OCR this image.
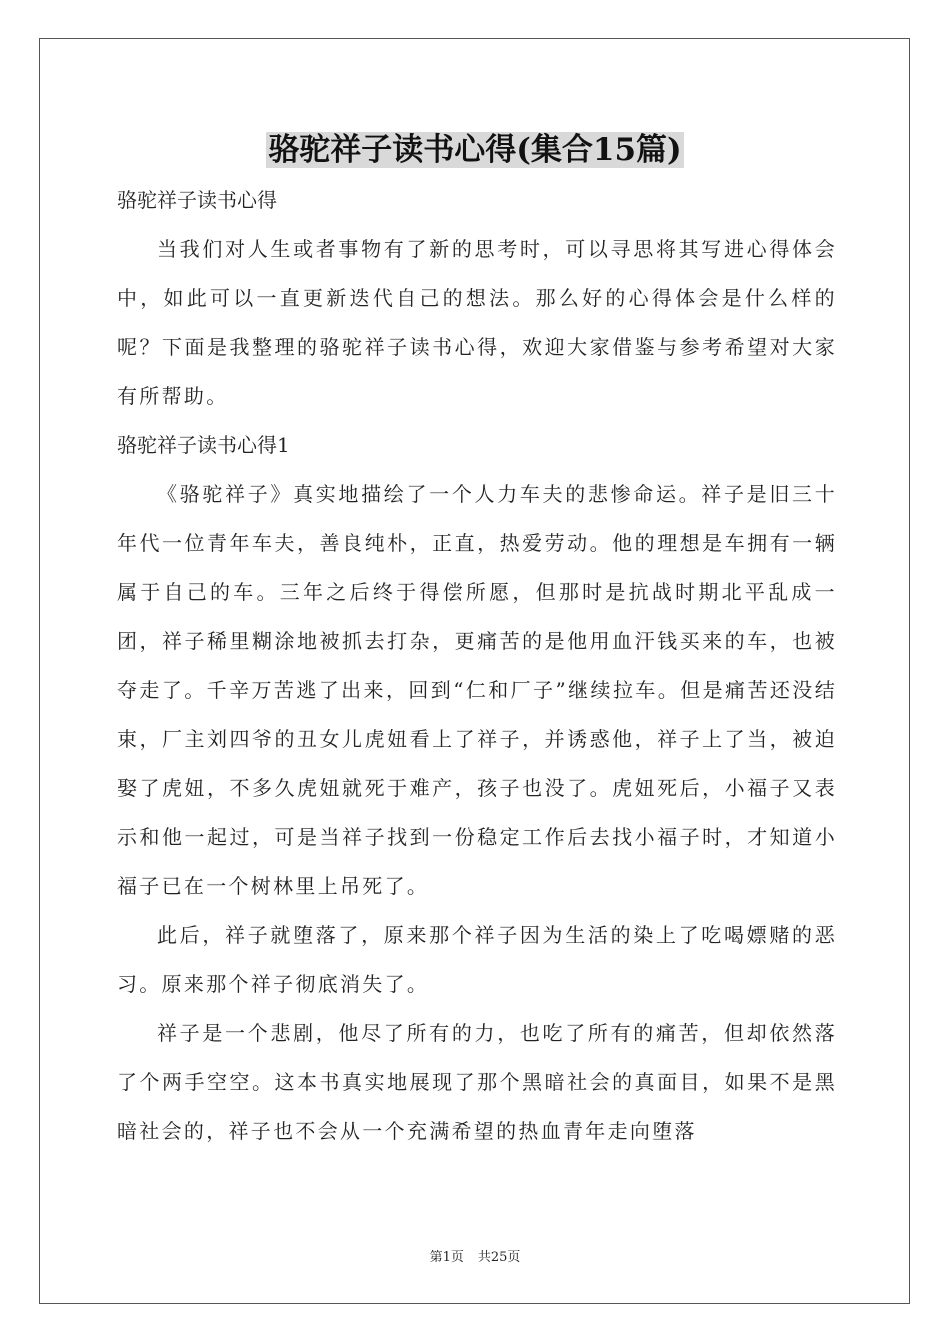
骆驼祥子读书心得(集合15篇)

骆驼祥子读书心得

当我们对人生或者事物有了新的思考时，可以寻思将其写进心得体会中，如此可以一直更新迭代自己的想法。那么好的心得体会是什么样的呢？下面是我整理的骆驼祥子读书心得，欢迎大家借鉴与参考希望对大家有所帮助。

骆驼祥子读书心得1

《骆驼祥子》真实地描绘了一个人力车夫的悲惨命运。祥子是旧三十年代一位青年车夫，善良纯朴，正直，热爱劳动。他的理想是车拥有一辆属于自己的车。三年之后终于得偿所愿，但那时是抗战时期北平乱成一团，祥子稀里糊涂地被抓去打杂，更痛苦的是他用血汗钱买来的车，也被夺走了。千辛万苦逃了出来，回到“仁和厂子”继续拉车。但是痛苦还没结束，厂主刘四爷的丑女儿虎妞看上了祥子，并诱惑他，祥子上了当，被迫娶了虎妞，不多久虎妞就死于难产，孩子也没了。虎妞死后，小福子又表示和他一起过，可是当祥子找到一份稳定工作后去找小福子时，才知道小福子已在一个树林里上吊死了。

此后，祥子就堕落了，原来那个祥子因为生活的染上了吃喝嫖赌的恶习。原来那个祥子彻底消失了。

祥子是一个悲剧，他尽了所有的力，也吃了所有的痛苦，但却依然落了个两手空空。这本书真实地展现了那个黑暗社会的真面目，如果不是黑暗社会的，祥子也不会从一个充满希望的热血青年走向堕落

第1页 共25页
